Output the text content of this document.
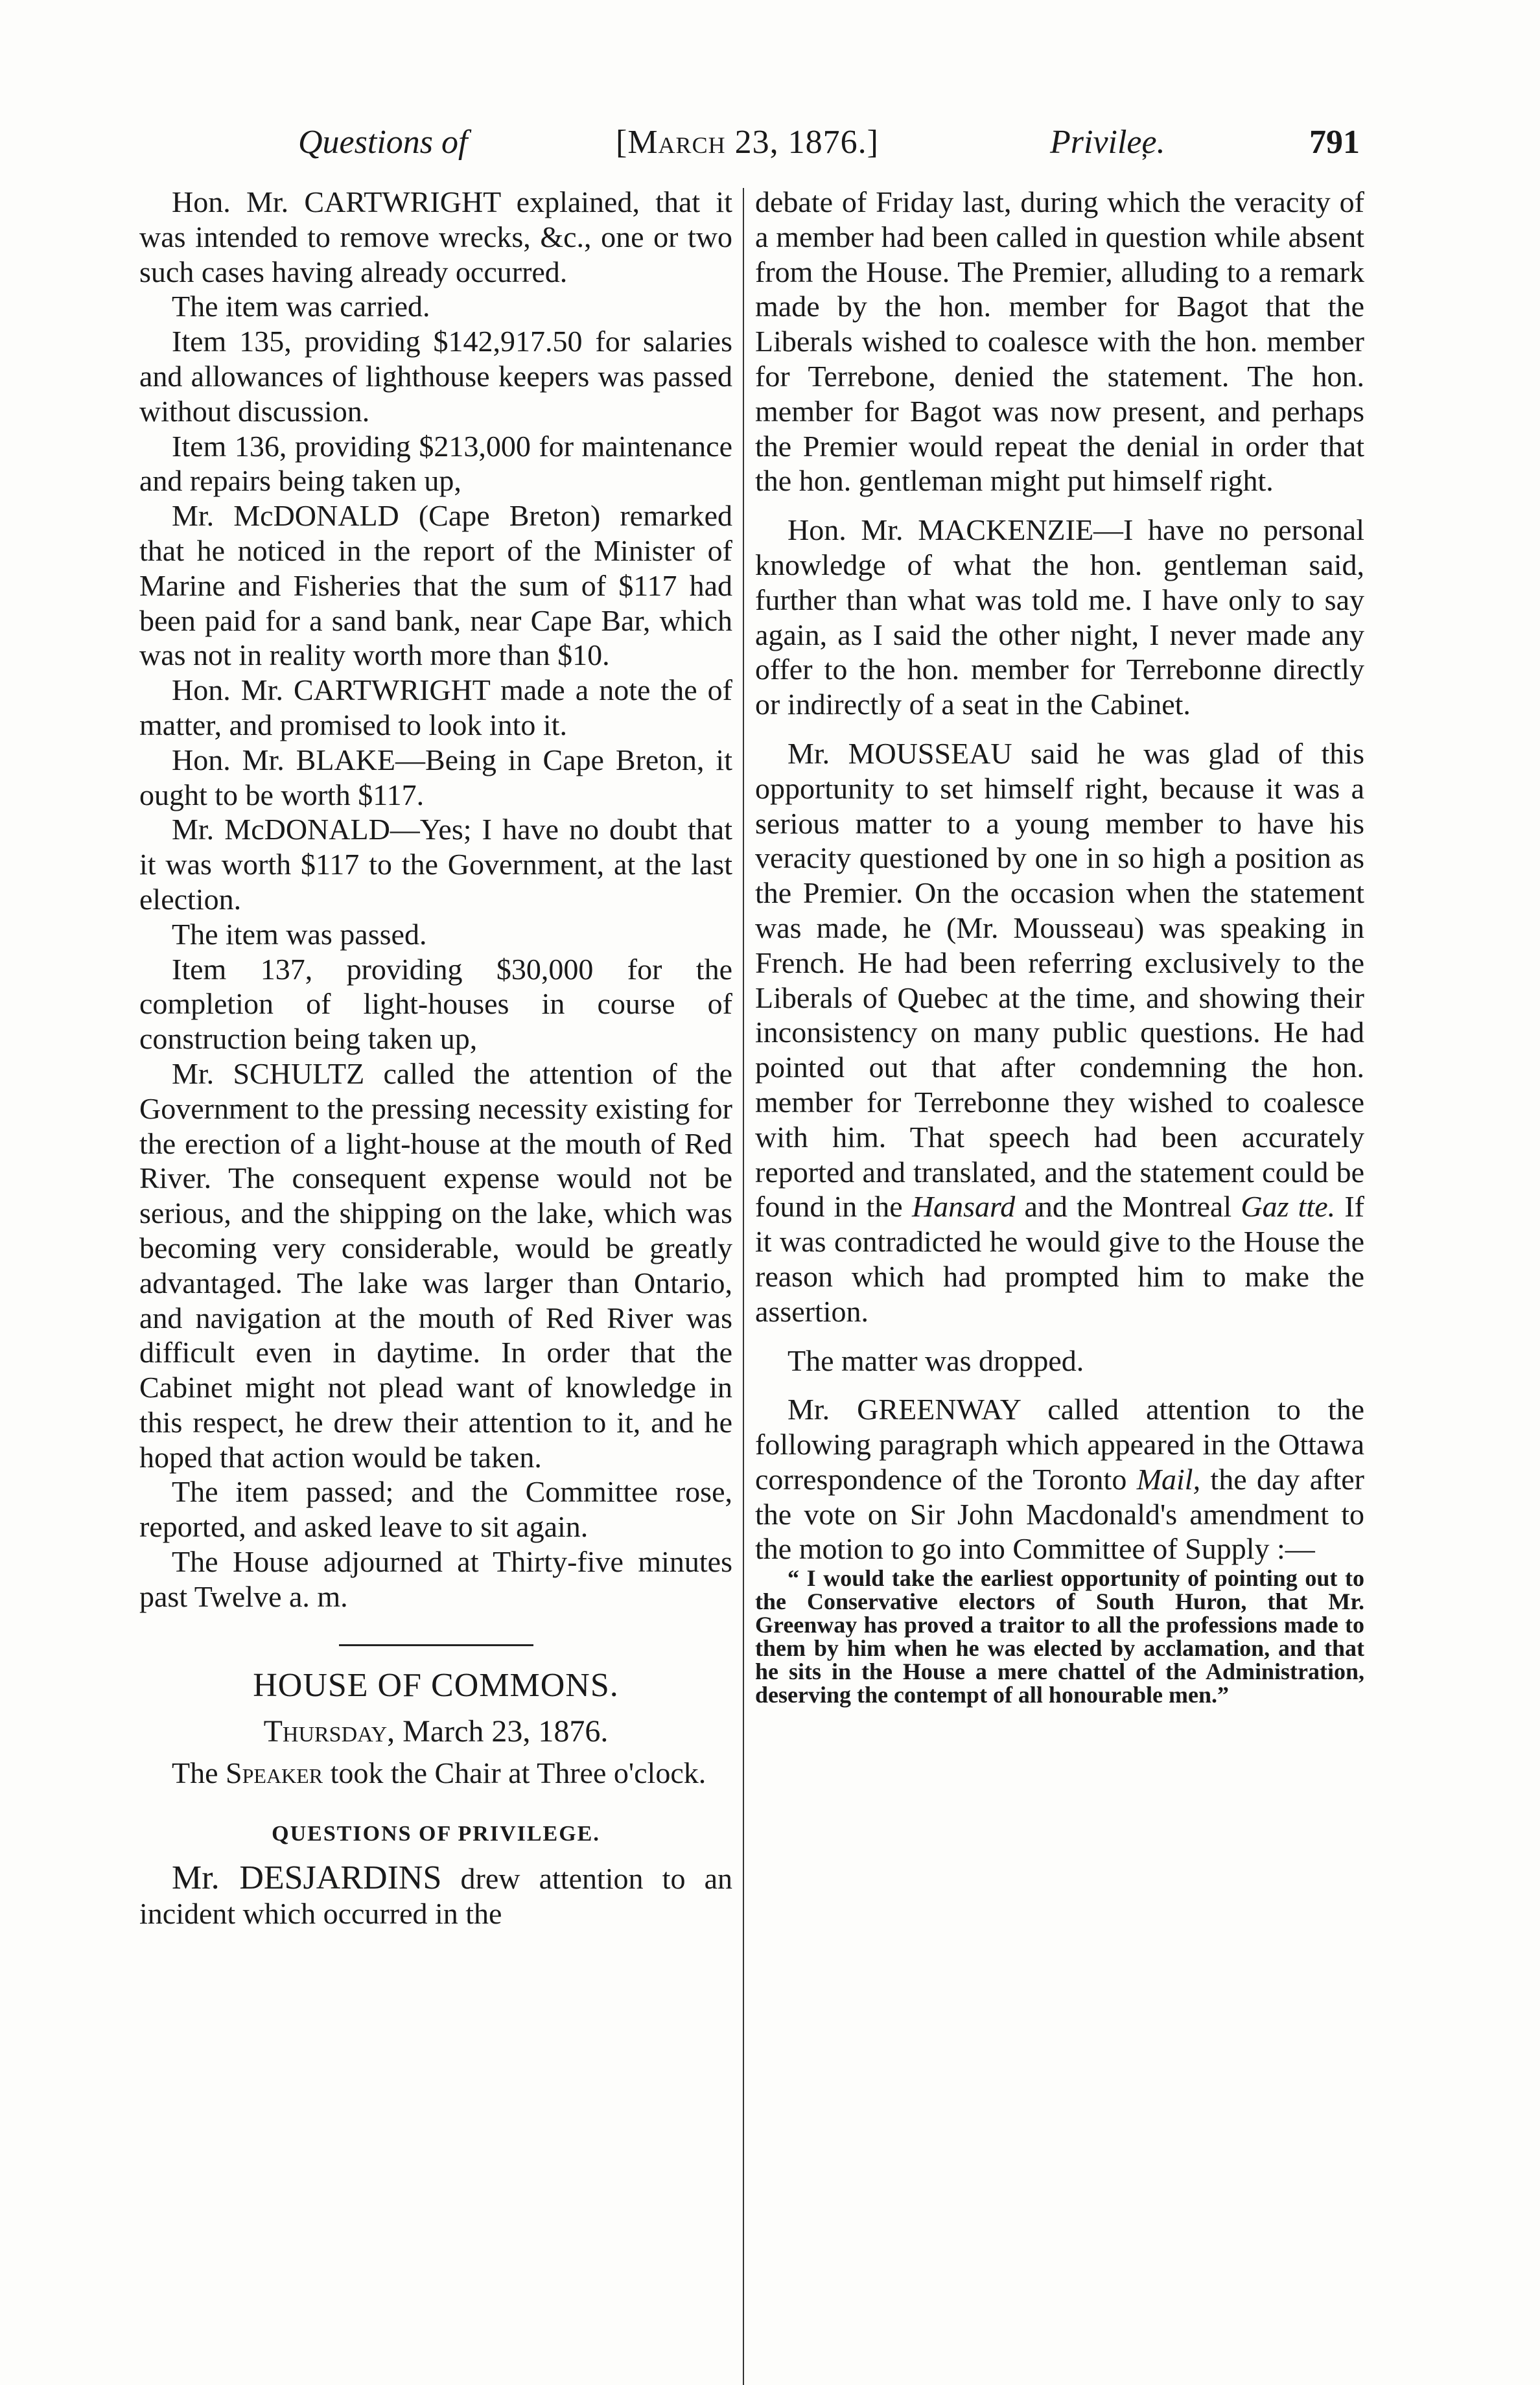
Questions of	[March 23, 1876.]	Privile̦e.	791

Hon. Mr. CARTWRIGHT explained, that it was intended to remove wrecks, &c., one or two such cases having already occurred.

The item was carried.

Item 135, providing $142,917.50 for salaries and allowances of lighthouse keepers was passed without discussion.

Item 136, providing $213,000 for maintenance and repairs being taken up,

Mr. McDONALD (Cape Breton) remarked that he noticed in the report of the Minister of Marine and Fisheries that the sum of $117 had been paid for a sand bank, near Cape Bar, which was not in reality worth more than $10.

Hon. Mr. CARTWRIGHT made a note the of matter, and promised to look into it.

Hon. Mr. BLAKE—Being in Cape Breton, it ought to be worth $117.

Mr. McDONALD—Yes; I have no doubt that it was worth $117 to the Government, at the last election.

The item was passed.

Item 137, providing $30,000 for the completion of light-houses in course of construction being taken up,

Mr. SCHULTZ called the attention of the Government to the pressing necessity existing for the erection of a light-house at the mouth of Red River. The consequent expense would not be serious, and the shipping on the lake, which was becoming very considerable, would be greatly advantaged. The lake was larger than Ontario, and navigation at the mouth of Red River was difficult even in daytime. In order that the Cabinet might not plead want of knowledge in this respect, he drew their attention to it, and he hoped that action would be taken.

The item passed; and the Committee rose, reported, and asked leave to sit again.

The House adjourned at Thirty-five minutes past Twelve a. m.

HOUSE OF COMMONS.
Thursday, March 23, 1876.

The Speaker took the Chair at Three o'clock.

QUESTIONS OF PRIVILEGE.

Mr. DESJARDINS drew attention to an incident which occurred in the

debate of Friday last, during which the veracity of a member had been called in question while absent from the House. The Premier, alluding to a remark made by the hon. member for Bagot that the Liberals wished to coalesce with the hon. member for Terrebone, denied the statement. The hon. member for Bagot was now present, and perhaps the Premier would repeat the denial in order that the hon. gentleman might put himself right.

Hon. Mr. MACKENZIE—I have no personal knowledge of what the hon. gentleman said, further than what was told me. I have only to say again, as I said the other night, I never made any offer to the hon. member for Terrebonne directly or indirectly of a seat in the Cabinet.

Mr. MOUSSEAU said he was glad of this opportunity to set himself right, because it was a serious matter to a young member to have his veracity questioned by one in so high a position as the Premier. On the occasion when the statement was made, he (Mr. Mousseau) was speaking in French. He had been referring exclusively to the Liberals of Quebec at the time, and showing their inconsistency on many public questions. He had pointed out that after condemning the hon. member for Terrebonne they wished to coalesce with him. That speech had been accurately reported and translated, and the statement could be found in the Hansard and the Montreal Gaz tte. If it was contradicted he would give to the House the reason which had prompted him to make the assertion.

The matter was dropped.

Mr. GREENWAY called attention to the following paragraph which appeared in the Ottawa correspondence of the Toronto Mail, the day after the vote on Sir John Macdonald's amendment to the motion to go into Committee of Supply :—

“ I would take the earliest opportunity of pointing out to the Conservative electors of South Huron, that Mr. Greenway has proved a traitor to all the professions made to them by him when he was elected by acclamation, and that he sits in the House a mere chattel of the Administration, deserving the contempt of all honourable men.”
